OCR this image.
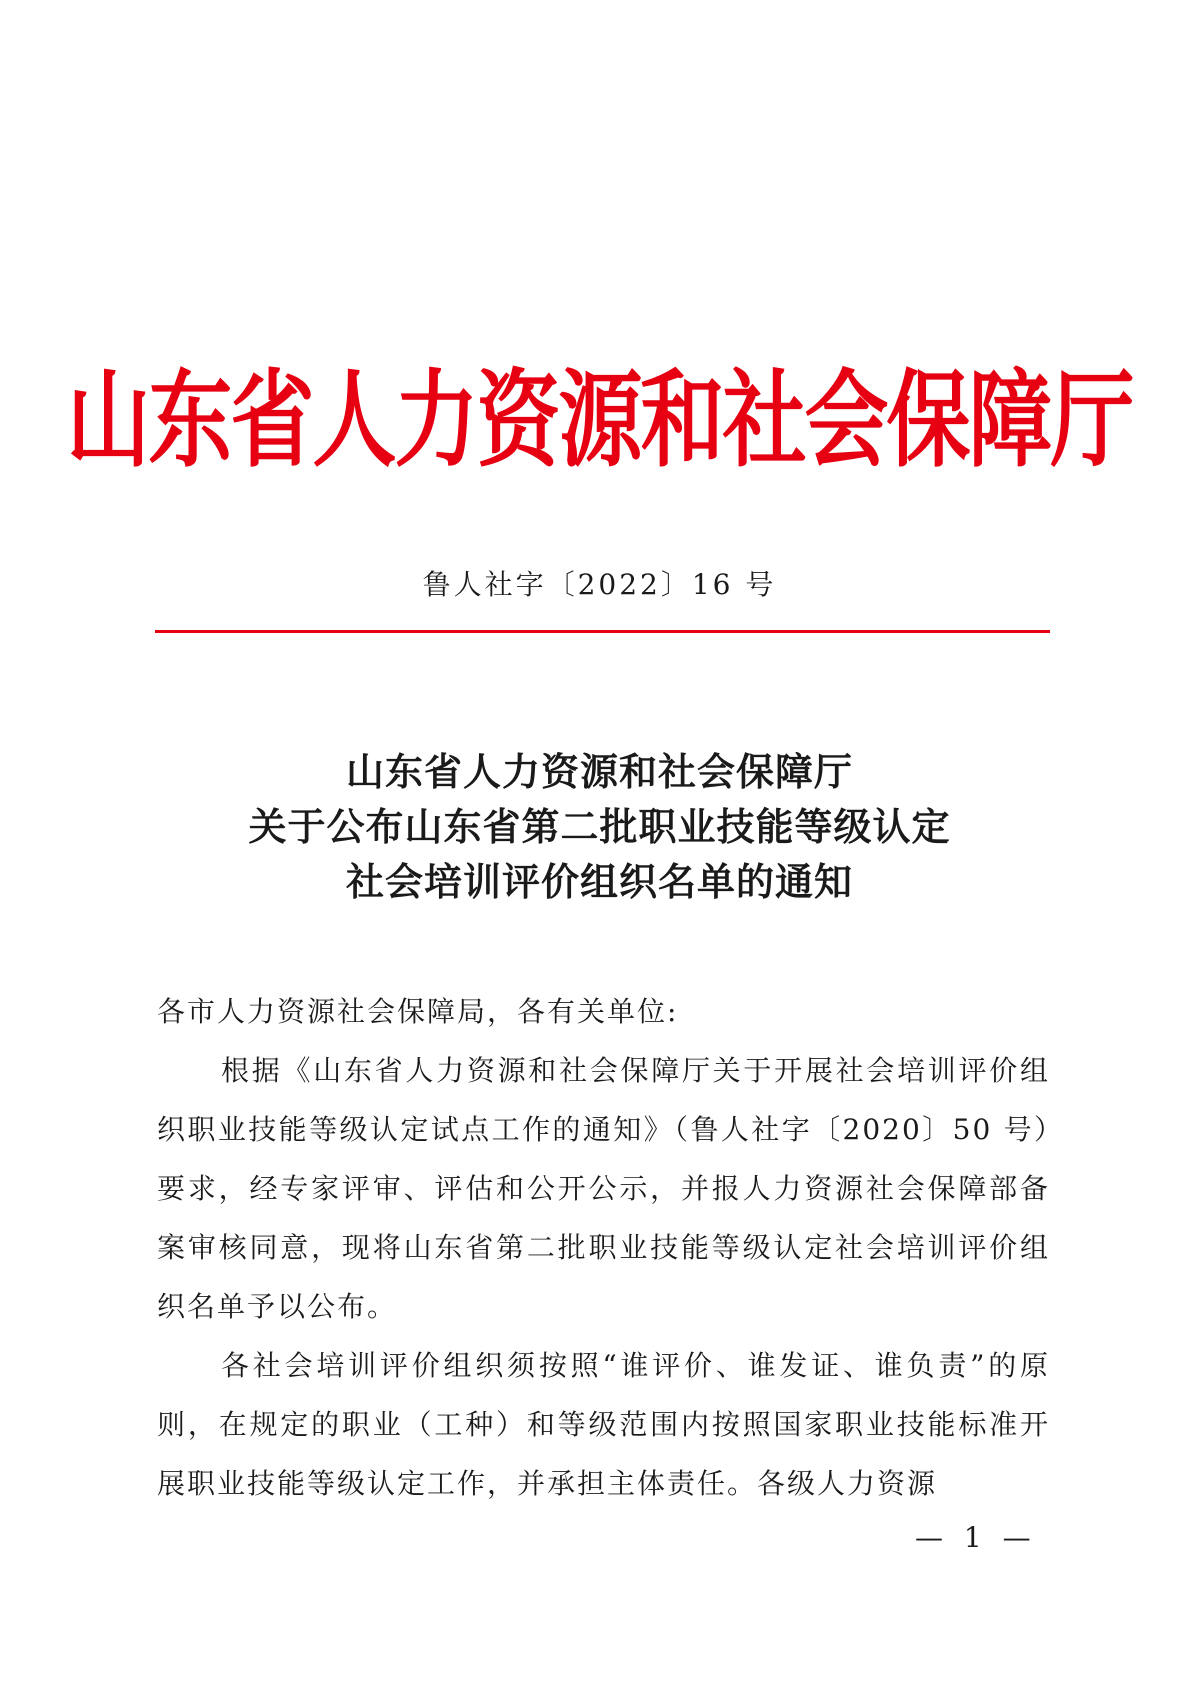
山东省人力资源和社会保障厅
鲁人社字〔2022〕16 号
山东省人力资源和社会保障厅
关于公布山东省第二批职业技能等级认定
社会培训评价组织名单的通知

各市人力资源社会保障局，各有关单位:

根据《山东省人力资源和社会保障厅关于开展社会培训评价组织职业技能等级认定试点工作的通知》（鲁人社字〔2020〕50 号）要求，经专家评审、评估和公开公示，并报人力资源社会保障部备案审核同意，现将山东省第二批职业技能等级认定社会培训评价组织名单予以公布。

各社会培训评价组织须按照“谁评价、谁发证、谁负责”的原则，在规定的职业（工种）和等级范围内按照国家职业技能标准开展职业技能等级认定工作，并承担主体责任。各级人力资源

— 1 —
